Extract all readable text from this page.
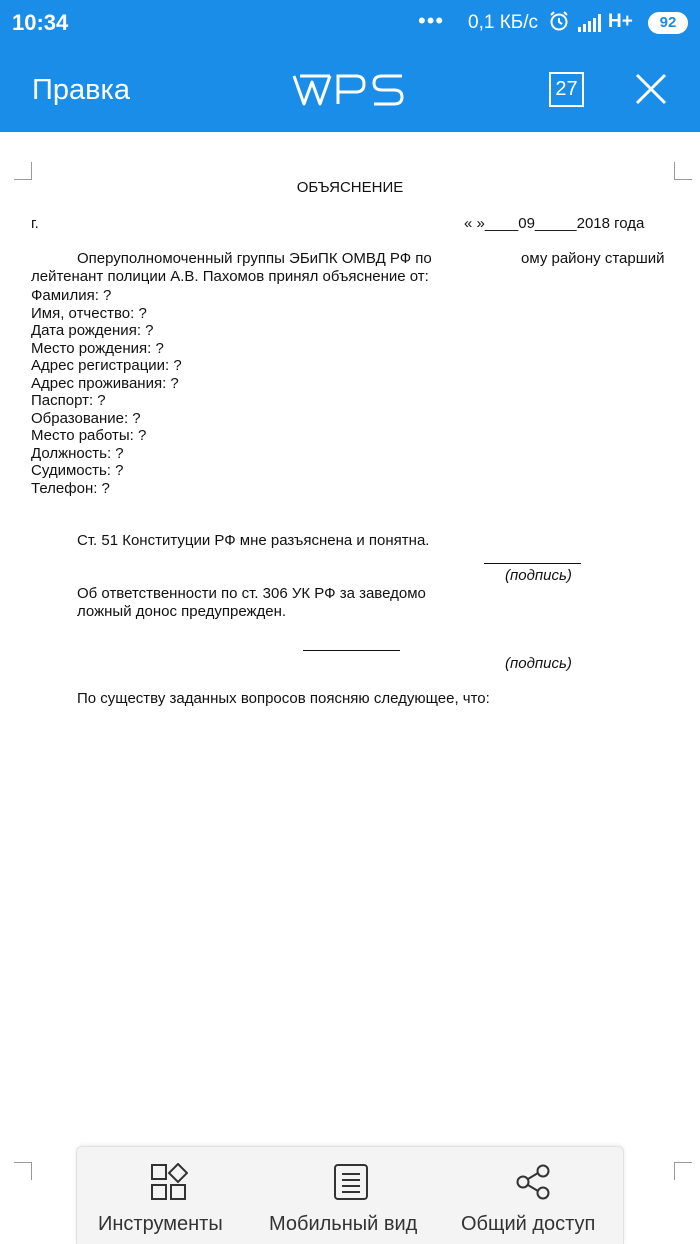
10:34	••• 0,1 КБ/с	H+	92
Правка	27
ОБЪЯСНЕНИЕ
г.	« »____09_____2018 года
Оперуполномоченный группы ЭБиПК ОМВД РФ по	ому району старший
лейтенант полиции А.В. Пахомов принял объяснение от:
Фамилия: ?
Имя, отчество: ?
Дата рождения: ?
Место рождения: ?
Адрес регистрации: ?
Адрес проживания: ?
Паспорт: ?
Образование: ?
Место работы: ?
Должность: ?
Судимость: ?
Телефон: ?
Ст. 51 Конституции РФ мне разъяснена и понятна.
(подпись)
Об ответственности по ст. 306 УК РФ за заведомо
ложный донос предупрежден.
(подпись)
По существу заданных вопросов поясняю следующее, что:
Инструменты Мобильный вид Общий доступ
